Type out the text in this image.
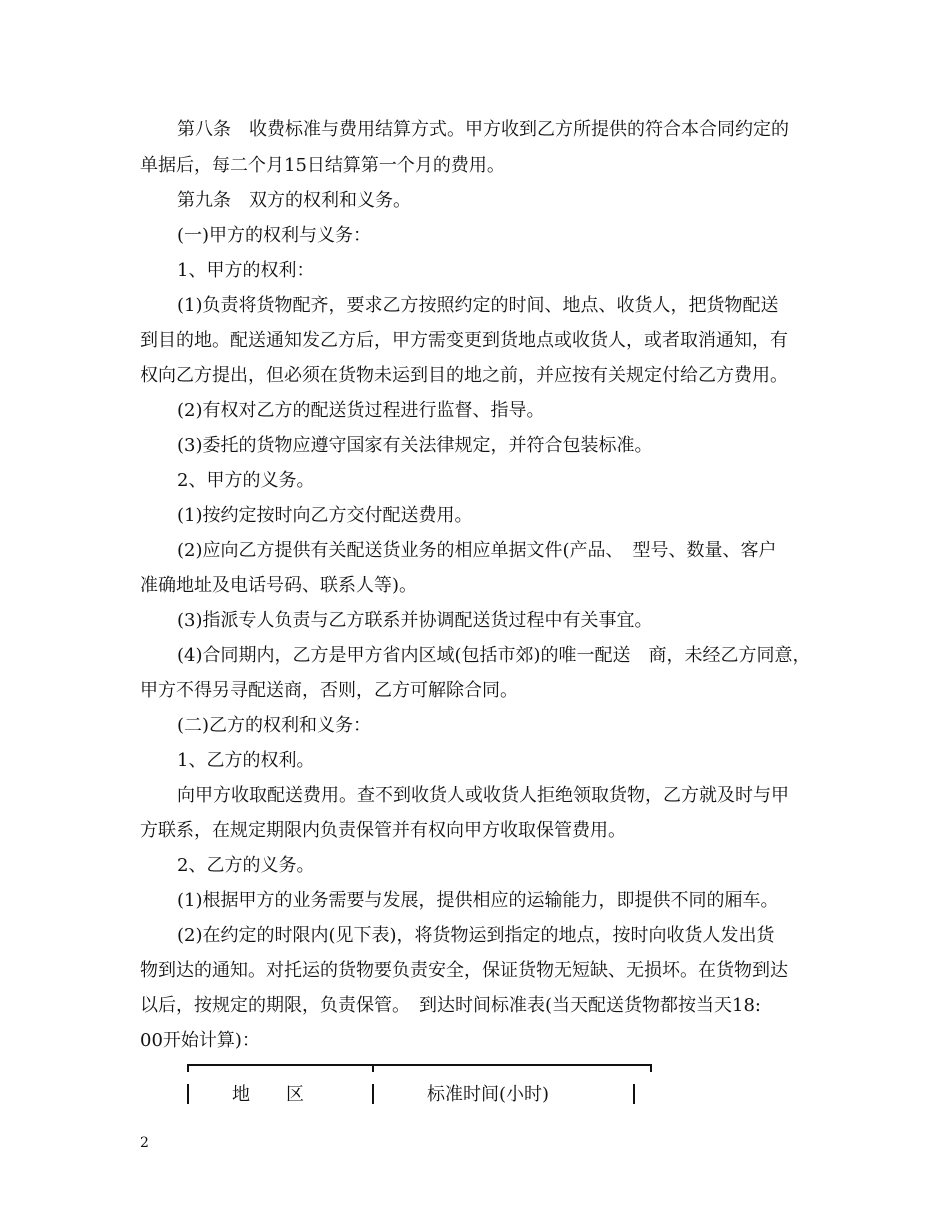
第八条　收费标准与费用结算方式。甲方收到乙方所提供的符合本合同约定的
单据后，每二个月15日结算第一个月的费用。
第九条　双方的权利和义务。
(一)甲方的权利与义务：
1、甲方的权利：
(1)负责将货物配齐，要求乙方按照约定的时间、地点、收货人，把货物配送
到目的地。配送通知发乙方后，甲方需变更到货地点或收货人，或者取消通知，有
权向乙方提出，但必须在货物未运到目的地之前，并应按有关规定付给乙方费用。
(2)有权对乙方的配送货过程进行监督、指导。
(3)委托的货物应遵守国家有关法律规定，并符合包装标准。
2、甲方的义务。
(1)按约定按时向乙方交付配送费用。
(2)应向乙方提供有关配送货业务的相应单据文件(产品、　型号、数量、客户
准确地址及电话号码、联系人等)。
(3)指派专人负责与乙方联系并协调配送货过程中有关事宜。
(4)合同期内，乙方是甲方省内区域(包括市郊)的唯一配送　商，未经乙方同意，
甲方不得另寻配送商，否则，乙方可解除合同。
(二)乙方的权利和义务：
1、乙方的权利。
向甲方收取配送费用。查不到收货人或收货人拒绝领取货物，乙方就及时与甲
方联系，在规定期限内负责保管并有权向甲方收取保管费用。
2、乙方的义务。
(1)根据甲方的业务需要与发展，提供相应的运输能力，即提供不同的厢车。
(2)在约定的时限内(见下表)，将货物运到指定的地点，按时向收货人发出货
物到达的通知。对托运的货物要负责安全，保证货物无短缺、无损坏。在货物到达
以后，按规定的期限，负责保管。　到达时间标准表(当天配送货物都按当天18:
00开始计算)：
地　　区	标准时间(小时)
2
